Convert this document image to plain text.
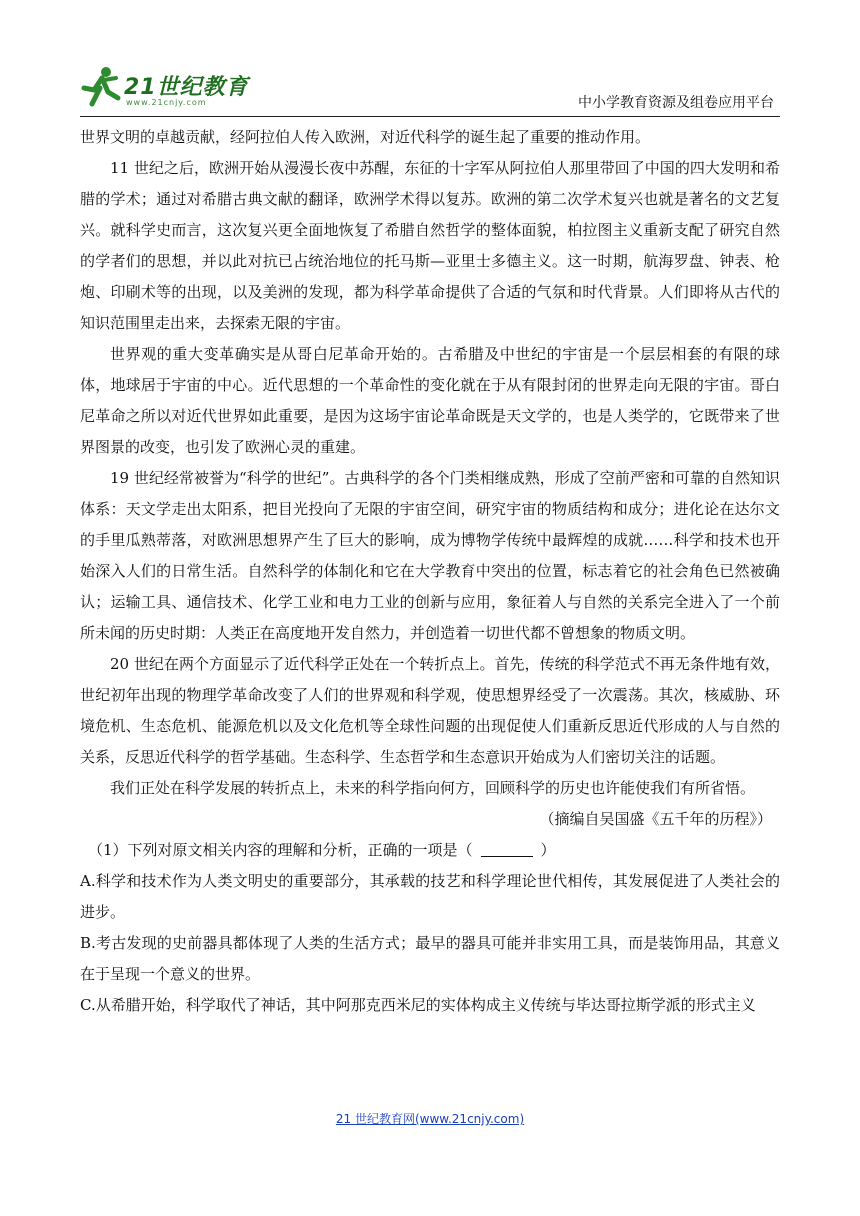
21世纪教育
www.21cnjy.com	中小学教育资源及组卷应用平台

世界文明的卓越贡献，经阿拉伯人传入欧洲，对近代科学的诞生起了重要的推动作用。

11 世纪之后，欧洲开始从漫漫长夜中苏醒，东征的十字军从阿拉伯人那里带回了中国的四大发明和希腊的学术；通过对希腊古典文献的翻译，欧洲学术得以复苏。欧洲的第二次学术复兴也就是著名的文艺复兴。就科学史而言，这次复兴更全面地恢复了希腊自然哲学的整体面貌，柏拉图主义重新支配了研究自然的学者们的思想，并以此对抗已占统治地位的托马斯—亚里士多德主义。这一时期，航海罗盘、钟表、枪炮、印刷术等的出现，以及美洲的发现，都为科学革命提供了合适的气氛和时代背景。人们即将从古代的知识范围里走出来，去探索无限的宇宙。

世界观的重大变革确实是从哥白尼革命开始的。古希腊及中世纪的宇宙是一个层层相套的有限的球体，地球居于宇宙的中心。近代思想的一个革命性的变化就在于从有限封闭的世界走向无限的宇宙。哥白尼革命之所以对近代世界如此重要，是因为这场宇宙论革命既是天文学的，也是人类学的，它既带来了世界图景的改变，也引发了欧洲心灵的重建。

19 世纪经常被誉为“科学的世纪”。古典科学的各个门类相继成熟，形成了空前严密和可靠的自然知识体系：天文学走出太阳系，把目光投向了无限的宇宙空间，研究宇宙的物质结构和成分；进化论在达尔文的手里瓜熟蒂落，对欧洲思想界产生了巨大的影响，成为博物学传统中最辉煌的成就……科学和技术也开始深入人们的日常生活。自然科学的体制化和它在大学教育中突出的位置，标志着它的社会角色已然被确认；运输工具、通信技术、化学工业和电力工业的创新与应用，象征着人与自然的关系完全进入了一个前所未闻的历史时期：人类正在高度地开发自然力，并创造着一切世代都不曾想象的物质文明。

20 世纪在两个方面显示了近代科学正处在一个转折点上。首先，传统的科学范式不再无条件地有效，世纪初年出现的物理学革命改变了人们的世界观和科学观，使思想界经受了一次震荡。其次，核威胁、环境危机、生态危机、能源危机以及文化危机等全球性问题的出现促使人们重新反思近代形成的人与自然的关系，反思近代科学的哲学基础。生态科学、生态哲学和生态意识开始成为人们密切关注的话题。

我们正处在科学发展的转折点上，未来的科学指向何方，回顾科学的历史也许能使我们有所省悟。

（摘编自吴国盛《五千年的历程》）

（1）下列对原文相关内容的理解和分析，正确的一项是（	）

A.科学和技术作为人类文明史的重要部分，其承载的技艺和科学理论世代相传，其发展促进了人类社会的进步。

B.考古发现的史前器具都体现了人类的生活方式；最早的器具可能并非实用工具，而是装饰用品，其意义在于呈现一个意义的世界。

C.从希腊开始，科学取代了神话，其中阿那克西米尼的实体构成主义传统与毕达哥拉斯学派的形式主义

21 世纪教育网(www.21cnjy.com)
